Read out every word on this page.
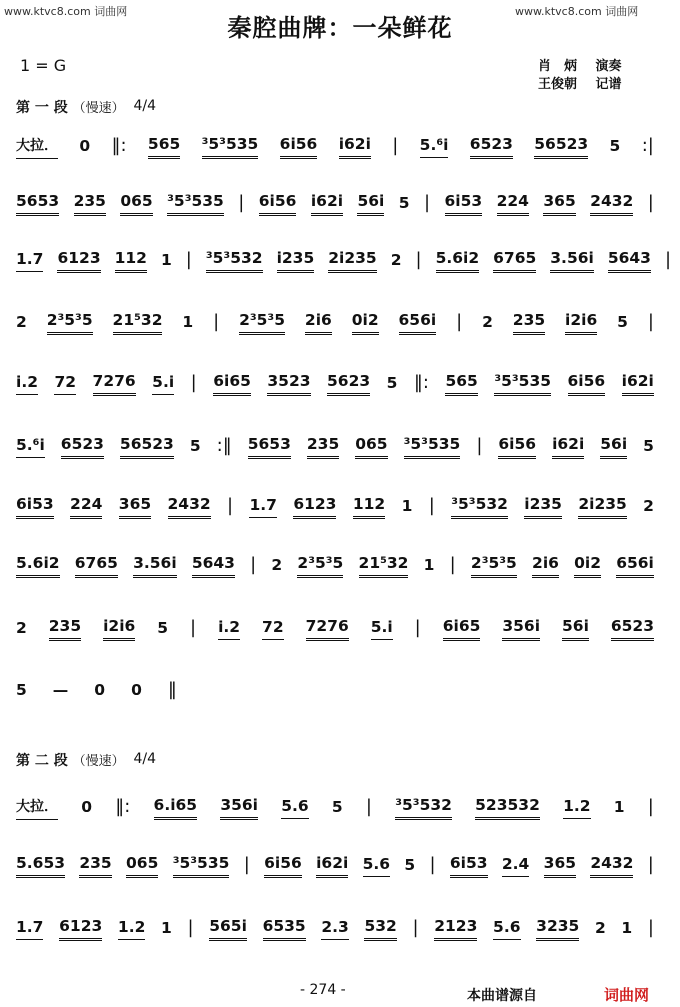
www.ktvc8.com 词曲网	www.ktvc8.com 词曲网
秦腔曲牌：一朵鲜花
1 = G	肖　炳 演奏
王俊朝 记谱
第 一 段 （慢速） 4/4
第 二 段 （慢速） 4/4
大拉． 0 ‖: 565 ³5³535 6i56 i62i | 5.⁶i 6523 56523 5 :|
5653 235 065 ³5³535 | 6i56 i62i 56i 5 | 6i53 224 365 2432 |
1.7 6123 112 1 | ³5³532 i235 2i235 2 | 5.6i2 6765 3.56i 5643 |
2 2³5³5 21⁵32 1 | 2³5³5 2i6 0i2 656i | 2 235 i2i6 5 |
i.2 72 7276 5.i | 6i65 3523 5623 5 ‖: 565 ³5³535 6i56 i62i
5.⁶i 6523 56523 5 :‖ 5653 235 065 ³5³535 | 6i56 i62i 56i 5
6i53 224 365 2432 | 1.7 6123 112 1 | ³5³532 i235 2i235 2
5.6i2 6765 3.56i 5643 | 2 2³5³5 21⁵32 1 | 2³5³5 2i6 0i2 656i
2 235 i2i6 5 | i.2 72 7276 5.i | 6i65 356i 56i 6523
5 — 0 0 ‖
大拉． 0 ‖: 6.i65 356i 5.6 5 | ³5³532 523532 1.2 1 |
5.653 235 065 ³5³535 | 6i56 i62i 5.6 5 | 6i53 2.4 365 2432 |
1.7 6123 1.2 1 | 565i 6535 2.3 532 | 2123 5.6 3235 2 1 |
- 274 -	本曲谱源自	词曲网
